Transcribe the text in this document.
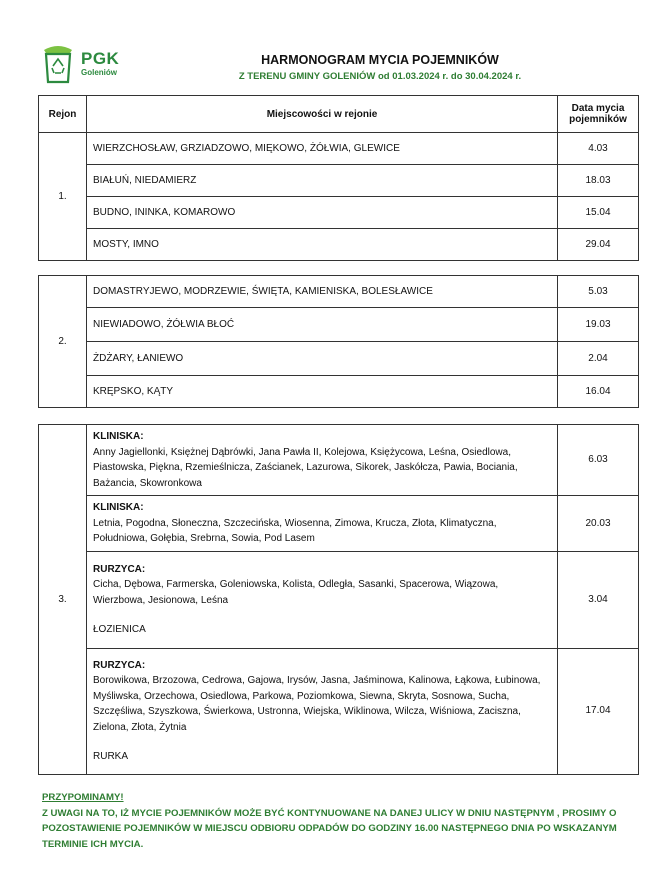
PGK
Goleniów
HARMONOGRAM MYCIA POJEMNIKÓW
Z TERENU GMINY GOLENIÓW od 01.03.2024 r. do 30.04.2024 r.
Rejon	Miejscowości w rejonie	Data mycia pojemników
1.	WIERZCHOSŁAW, GRZIADZOWO, MIĘKOWO, ŻÓŁWIA, GLEWICE	4.03
	BIAŁUŃ, NIEDAMIERZ	18.03
	BUDNO, ININKA, KOMAROWO	15.04
	MOSTY, IMNO	29.04
2.	DOMASTRYJEWO, MODRZEWIE, ŚWIĘTA, KAMIENISKA, BOLESŁAWICE	5.03
	NIEWIADOWO, ŻÓŁWIA BŁOĆ	19.03
	ŻDŻARY, ŁANIEWO	2.04
	KRĘPSKO, KĄTY	16.04
3.	KLINISKA:
Anny Jagiellonki, Księżnej Dąbrówki, Jana Pawła II, Kolejowa, Księżycowa, Leśna, Osiedlowa, Piastowska, Piękna, Rzemieślnicza, Zaścianek, Lazurowa, Sikorek, Jaskółcza, Pawia, Bociania, Bażancia, Skowronkowa	6.03

	KLINISKA:
Letnia, Pogodna, Słoneczna, Szczecińska, Wiosenna, Zimowa, Krucza, Złota, Klimatyczna, Południowa, Gołębia, Srebrna, Sowia, Pod Lasem	20.03

	RURZYCA:
Cicha, Dębowa, Farmerska, Goleniowska, Kolista, Odległa, Sasanki, Spacerowa, Wiązowa, Wierzbowa, Jesionowa, Leśna
ŁOZIENICA	3.04

	RURZYCA:
Borowikowa, Brzozowa, Cedrowa, Gajowa, Irysów, Jasna, Jaśminowa, Kalinowa, Łąkowa, Łubinowa, Myśliwska, Orzechowa, Osiedlowa, Parkowa, Poziomkowa, Siewna, Skryta, Sosnowa, Sucha, Szczęśliwa, Szyszkowa, Świerkowa, Ustronna, Wiejska, Wiklinowa, Wilcza, Wiśniowa, Zaciszna, Zielona, Złota, Żytnia
RURKA	17.04
PRZYPOMINAMY!
Z UWAGI NA TO, IŻ MYCIE POJEMNIKÓW MOŻE BYĆ KONTYNUOWANE NA DANEJ ULICY W DNIU NASTĘPNYM , PROSIMY O POZOSTAWIENIE POJEMNIKÓW W MIEJSCU ODBIORU ODPADÓW DO GODZINY 16.00 NASTĘPNEGO DNIA PO WSKAZANYM TERMINIE ICH MYCIA.
